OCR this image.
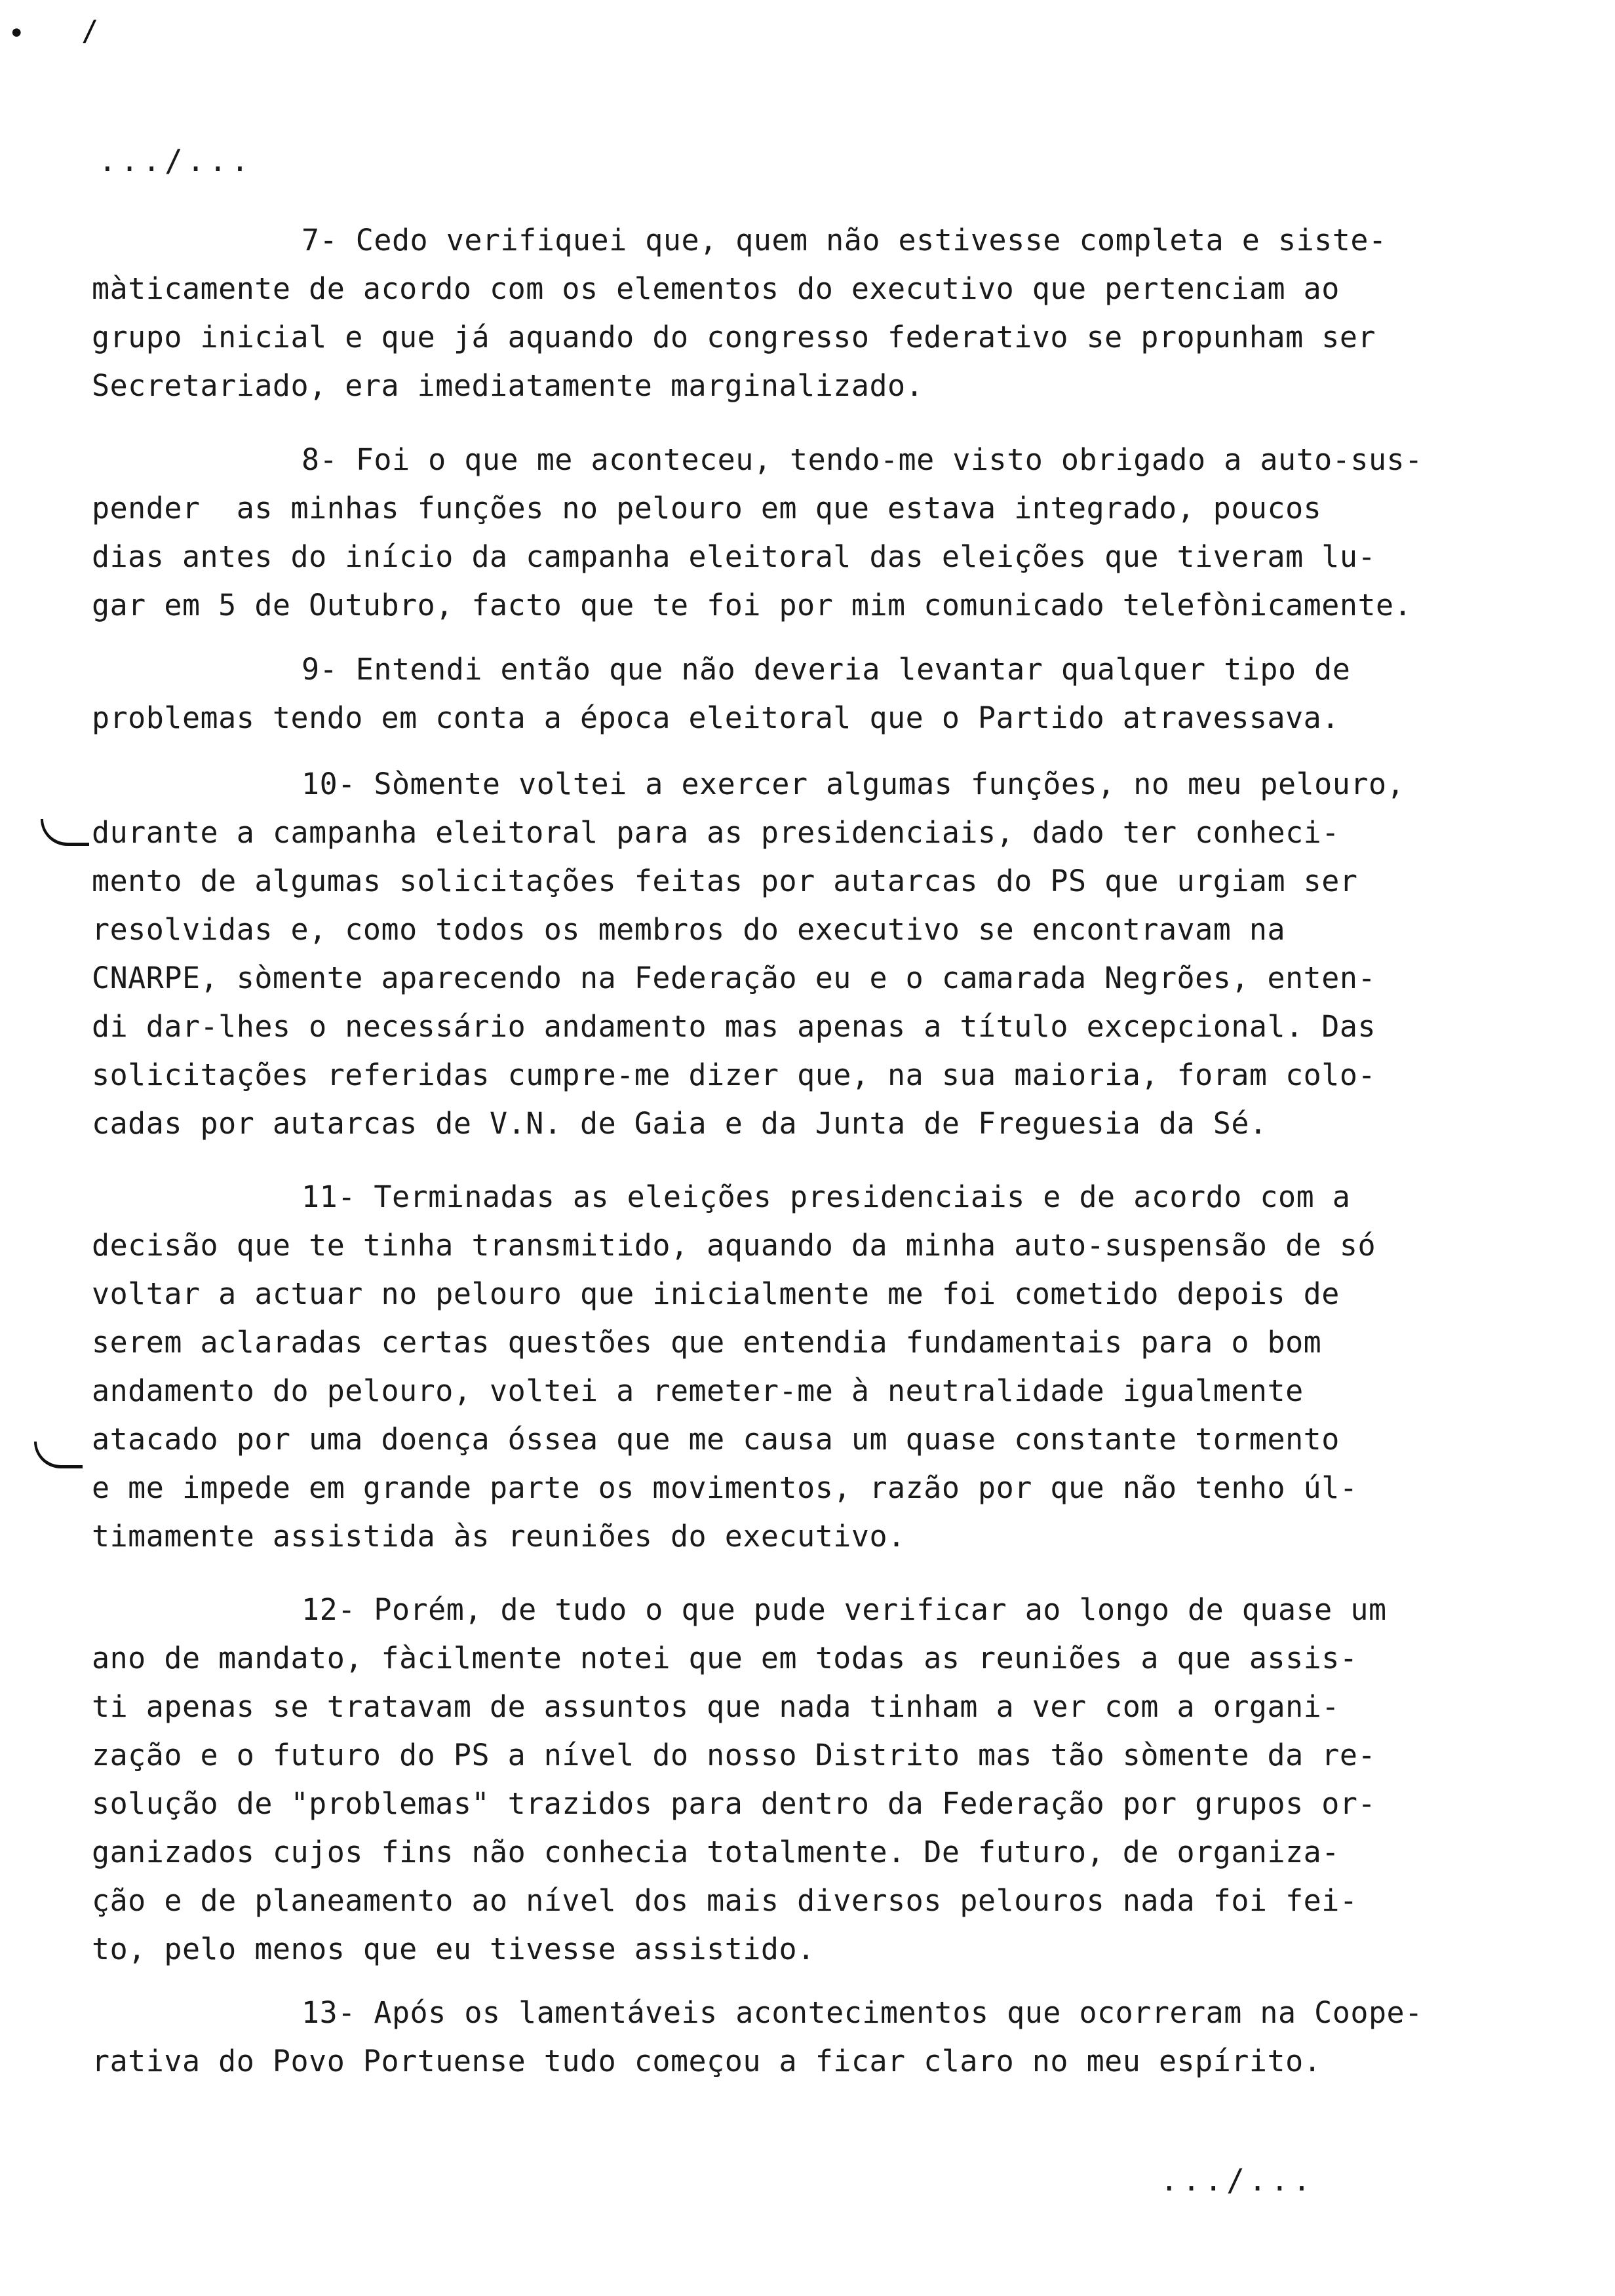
• /
.../...
7- Cedo verifiquei que, quem não estivesse completa e siste-
màticamente de acordo com os elementos do executivo que pertenciam ao
grupo inicial e que já aquando do congresso federativo se propunham ser
Secretariado, era imediatamente marginalizado.
8- Foi o que me aconteceu, tendo-me visto obrigado a auto-sus-
pender  as minhas funções no pelouro em que estava integrado, poucos
dias antes do início da campanha eleitoral das eleições que tiveram lu-
gar em 5 de Outubro, facto que te foi por mim comunicado telefònicamente.
9- Entendi então que não deveria levantar qualquer tipo de
problemas tendo em conta a época eleitoral que o Partido atravessava.
10- Sòmente voltei a exercer algumas funções, no meu pelouro,
durante a campanha eleitoral para as presidenciais, dado ter conheci-
mento de algumas solicitações feitas por autarcas do PS que urgiam ser
resolvidas e, como todos os membros do executivo se encontravam na
CNARPE, sòmente aparecendo na Federação eu e o camarada Negrões, enten-
di dar-lhes o necessário andamento mas apenas a título excepcional. Das
solicitações referidas cumpre-me dizer que, na sua maioria, foram colo-
cadas por autarcas de V.N. de Gaia e da Junta de Freguesia da Sé.
11- Terminadas as eleições presidenciais e de acordo com a
decisão que te tinha transmitido, aquando da minha auto-suspensão de só
voltar a actuar no pelouro que inicialmente me foi cometido depois de
serem aclaradas certas questões que entendia fundamentais para o bom
andamento do pelouro, voltei a remeter-me à neutralidade igualmente
atacado por uma doença óssea que me causa um quase constante tormento
e me impede em grande parte os movimentos, razão por que não tenho úl-
timamente assistida às reuniões do executivo.
12- Porém, de tudo o que pude verificar ao longo de quase um
ano de mandato, fàcilmente notei que em todas as reuniões a que assis-
ti apenas se tratavam de assuntos que nada tinham a ver com a organi-
zação e o futuro do PS a nível do nosso Distrito mas tão sòmente da re-
solução de "problemas" trazidos para dentro da Federação por grupos or-
ganizados cujos fins não conhecia totalmente. De futuro, de organiza-
ção e de planeamento ao nível dos mais diversos pelouros nada foi fei-
to, pelo menos que eu tivesse assistido.
13- Após os lamentáveis acontecimentos que ocorreram na Coope-
rativa do Povo Portuense tudo começou a ficar claro no meu espírito.
.../...
